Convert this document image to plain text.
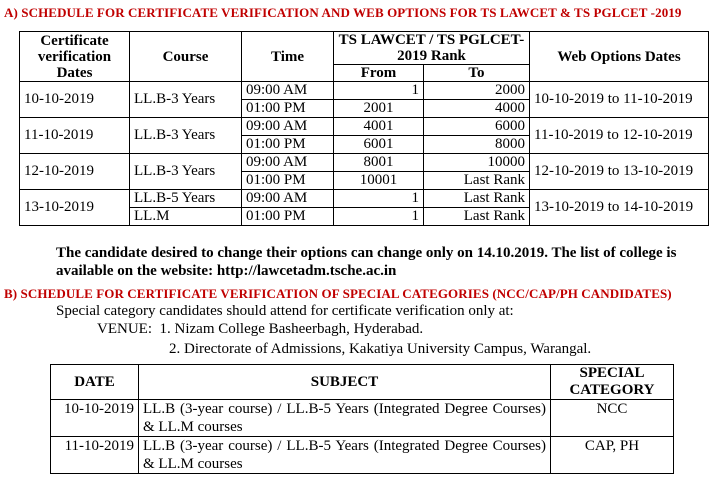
A) SCHEDULE FOR CERTIFICATE VERIFICATION AND WEB OPTIONS FOR TS LAWCET & TS PGLCET -2019
Certificate verification Dates	Course	Time	TS LAWCET / TS PGLCET-2019 Rank		Web Options Dates
			From	To	
10-10-2019	LL.B-3 Years	09:00 AM	1	2000	10-10-2019 to 11-10-2019
		01:00 PM	2001	4000	
11-10-2019	LL.B-3 Years	09:00 AM	4001	6000	11-10-2019 to 12-10-2019
		01:00 PM	6001	8000	
12-10-2019	LL.B-3 Years	09:00 AM	8001	10000	12-10-2019 to 13-10-2019
		01:00 PM	10001	Last Rank	
13-10-2019	LL.B-5 Years	09:00 AM	1	Last Rank	13-10-2019 to 14-10-2019
	LL.M	01:00 PM	1	Last Rank	
The candidate desired to change their options can change only on 14.10.2019. The list of college is available on the website: http://lawcetadm.tsche.ac.in
B) SCHEDULE FOR CERTIFICATE VERIFICATION OF SPECIAL CATEGORIES (NCC/CAP/PH CANDIDATES)
Special category candidates should attend for certificate verification only at:
VENUE: 1. Nizam College Basheerbagh, Hyderabad.
2. Directorate of Admissions, Kakatiya University Campus, Warangal.
DATE	SUBJECT	SPECIAL CATEGORY
10-10-2019	LL.B (3-year course) / LL.B-5 Years (Integrated Degree Courses) & LL.M courses	NCC
11-10-2019	LL.B (3-year course) / LL.B-5 Years (Integrated Degree Courses) & LL.M courses	CAP, PH
